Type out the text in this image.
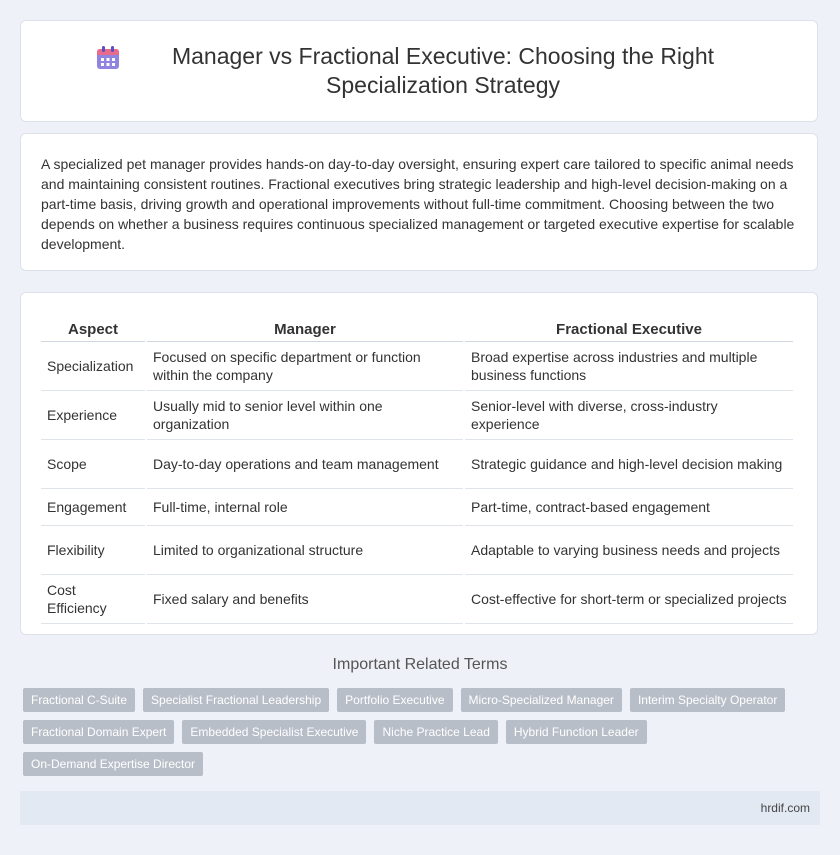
Manager vs Fractional Executive: Choosing the Right Specialization Strategy

A specialized pet manager provides hands-on day-to-day oversight, ensuring expert care tailored to specific animal needs and maintaining consistent routines. Fractional executives bring strategic leadership and high-level decision-making on a part-time basis, driving growth and operational improvements without full-time commitment. Choosing between the two depends on whether a business requires continuous specialized management or targeted executive expertise for scalable development.

Aspect	Manager	Fractional Executive
Specialization	Focused on specific department or function within the company	Broad expertise across industries and multiple business functions
Experience	Usually mid to senior level within one organization	Senior-level with diverse, cross-industry experience
Scope	Day-to-day operations and team management	Strategic guidance and high-level decision making
Engagement	Full-time, internal role	Part-time, contract-based engagement
Flexibility	Limited to organizational structure	Adaptable to varying business needs and projects
Cost Efficiency	Fixed salary and benefits	Cost-effective for short-term or specialized projects
Important Related Terms
Fractional C-Suite	Specialist Fractional Leadership	Portfolio Executive	Micro-Specialized Manager	Interim Specialty Operator
Fractional Domain Expert	Embedded Specialist Executive	Niche Practice Lead	Hybrid Function Leader
On-Demand Expertise Director
hrdif.com
